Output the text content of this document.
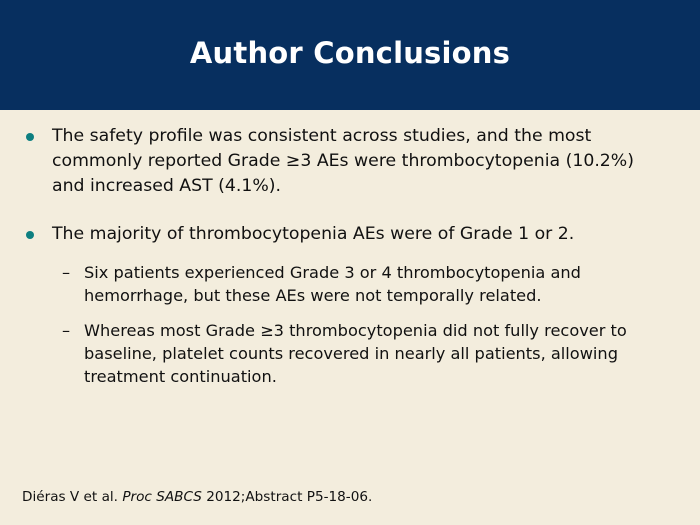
Author Conclusions
The safety profile was consistent across studies, and the most commonly reported Grade ≥3 AEs were thrombocytopenia (10.2%) and increased AST (4.1%).
The majority of thrombocytopenia AEs were of Grade 1 or 2.
– Six patients experienced Grade 3 or 4 thrombocytopenia and hemorrhage, but these AEs were not temporally related.
– Whereas most Grade ≥3 thrombocytopenia did not fully recover to baseline, platelet counts recovered in nearly all patients, allowing treatment continuation.
Diéras V et al. Proc SABCS 2012;Abstract P5-18-06.
